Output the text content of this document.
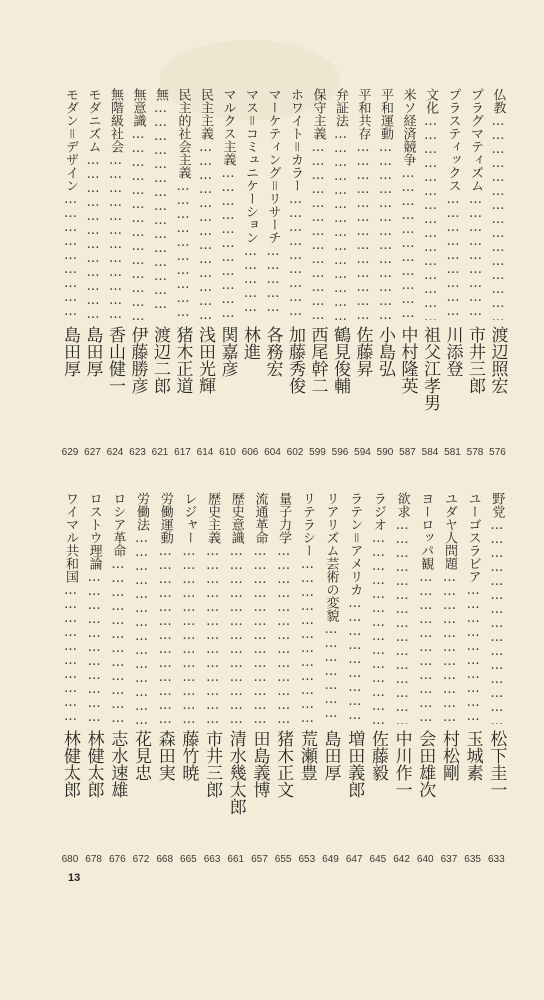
仏教 …………………………………………………………………………………………
渡辺照宏
576
プラグマティズム …………………………………………………………………………………………
市井三郎
578
プラスティックス …………………………………………………………………………………………
川添登
581
文化 …………………………………………………………………………………………
祖父江孝男
584
米ソ経済競争 …………………………………………………………………………………………
中村隆英
587
平和運動 …………………………………………………………………………………………
小島弘
590
平和共存 …………………………………………………………………………………………
佐藤昇
594
弁証法 …………………………………………………………………………………………
鶴見俊輔
596
保守主義 …………………………………………………………………………………………
西尾幹二
599
ホワイト＝カラー …………………………………………………………………………………………
加藤秀俊
602
マーケティング＝リサーチ …………………………………………………………………………………………
各務宏
604
マス＝コミュニケーション …………………………………………………………………………………………
林進
606
マルクス主義 …………………………………………………………………………………………
関嘉彦
610
民主主義 …………………………………………………………………………………………
浅田光輝
614
民主的社会主義 …………………………………………………………………………………………
猪木正道
617
無 …………………………………………………………………………………………
渡辺二郎
621
無意識 …………………………………………………………………………………………
伊藤勝彦
623
無階級社会 …………………………………………………………………………………………
香山健一
624
モダニズム …………………………………………………………………………………………
島田厚
627
モダン＝デザイン …………………………………………………………………………………………
島田厚
629
野党 …………………………………………………………………………………………
松下圭一
633
ユーゴスラビア …………………………………………………………………………………………
玉城素
635
ユダヤ人問題 …………………………………………………………………………………………
村松剛
637
ヨーロッパ観 …………………………………………………………………………………………
会田雄次
640
欲求 …………………………………………………………………………………………
中川作一
642
ラジオ …………………………………………………………………………………………
佐藤毅
645
ラテン＝アメリカ …………………………………………………………………………………………
増田義郎
647
リアリズム芸術の変貌 …………………………………………………………………………………………
島田厚
649
リテラシー …………………………………………………………………………………………
荒瀬豊
653
量子力学 …………………………………………………………………………………………
猪木正文
655
流通革命 …………………………………………………………………………………………
田島義博
657
歴史意識 …………………………………………………………………………………………
清水幾太郎
661
歴史主義 …………………………………………………………………………………………
市井三郎
663
レジャー …………………………………………………………………………………………
藤竹暁
665
労働運動 …………………………………………………………………………………………
森田実
668
労働法 …………………………………………………………………………………………
花見忠
672
ロシア革命 …………………………………………………………………………………………
志水速雄
676
ロストウ理論 …………………………………………………………………………………………
林健太郎
678
ワイマル共和国 …………………………………………………………………………………………
林健太郎
680
13
